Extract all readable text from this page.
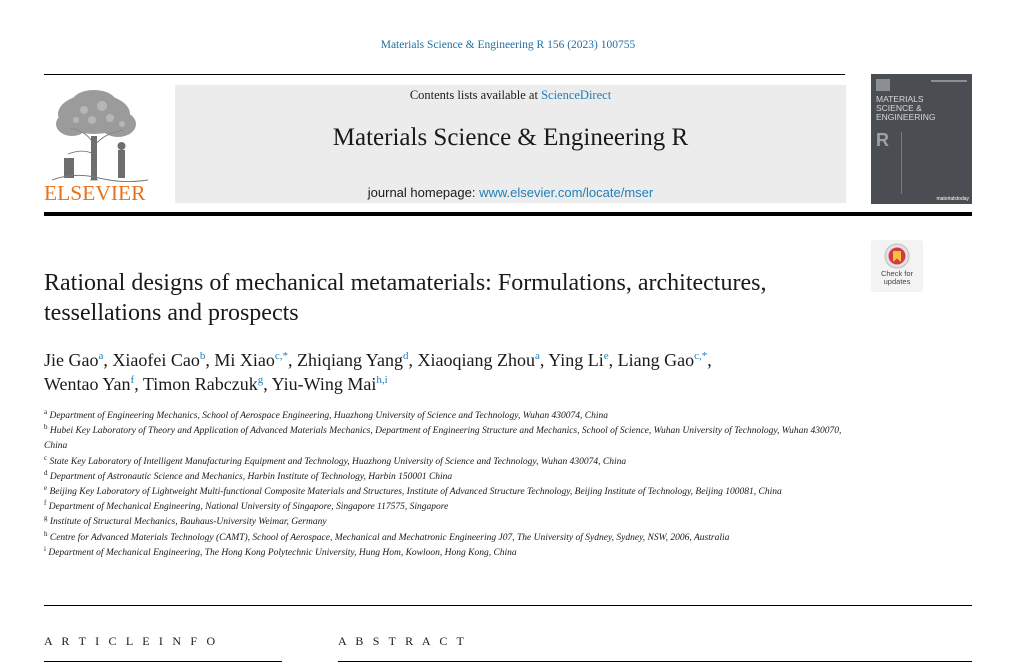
Materials Science & Engineering R 156 (2023) 100755
ELSEVIER
Contents lists available at ScienceDirect
Materials Science & Engineering R
journal homepage: www.elsevier.com/locate/mser
MATERIALS
SCIENCE &
ENGINEERING
R
materialstoday
Check for
updates
Rational designs of mechanical metamaterials: Formulations, architectures,
tessellations and prospects
Jie Gao$^a$, Xiaofei Cao$^b$, Mi Xiao$^{c,*}$, Zhiqiang Yang$^d$, Xiaoqiang Zhou$^a$, Ying Li$^e$, Liang Gao$^{c,*}$,
Wentao Yan$^f$, Timon Rabczuk$^g$, Yiu-Wing Mai$^{h,i}$
$^a$ Department of Engineering Mechanics, School of Aerospace Engineering, Huazhong University of Science and Technology, Wuhan 430074, China
$^b$ Hubei Key Laboratory of Theory and Application of Advanced Materials Mechanics, Department of Engineering Structure and Mechanics, School of Science, Wuhan University of Technology, Wuhan 430070, China
$^c$ State Key Laboratory of Intelligent Manufacturing Equipment and Technology, Huazhong University of Science and Technology, Wuhan 430074, China
$^d$ Department of Astronautic Science and Mechanics, Harbin Institute of Technology, Harbin 150001 China
$^e$ Beijing Key Laboratory of Lightweight Multi-functional Composite Materials and Structures, Institute of Advanced Structure Technology, Beijing Institute of Technology, Beijing 100081, China
$^f$ Department of Mechanical Engineering, National University of Singapore, Singapore 117575, Singapore
$^g$ Institute of Structural Mechanics, Bauhaus-University Weimar, Germany
$^h$ Centre for Advanced Materials Technology (CAMT), School of Aerospace, Mechanical and Mechatronic Engineering J07, The University of Sydney, Sydney, NSW, 2006, Australia
$^i$ Department of Mechanical Engineering, The Hong Kong Polytechnic University, Hung Hom, Kowloon, Hong Kong, China
A R T I C L E I N F O	A B S T R A C T
